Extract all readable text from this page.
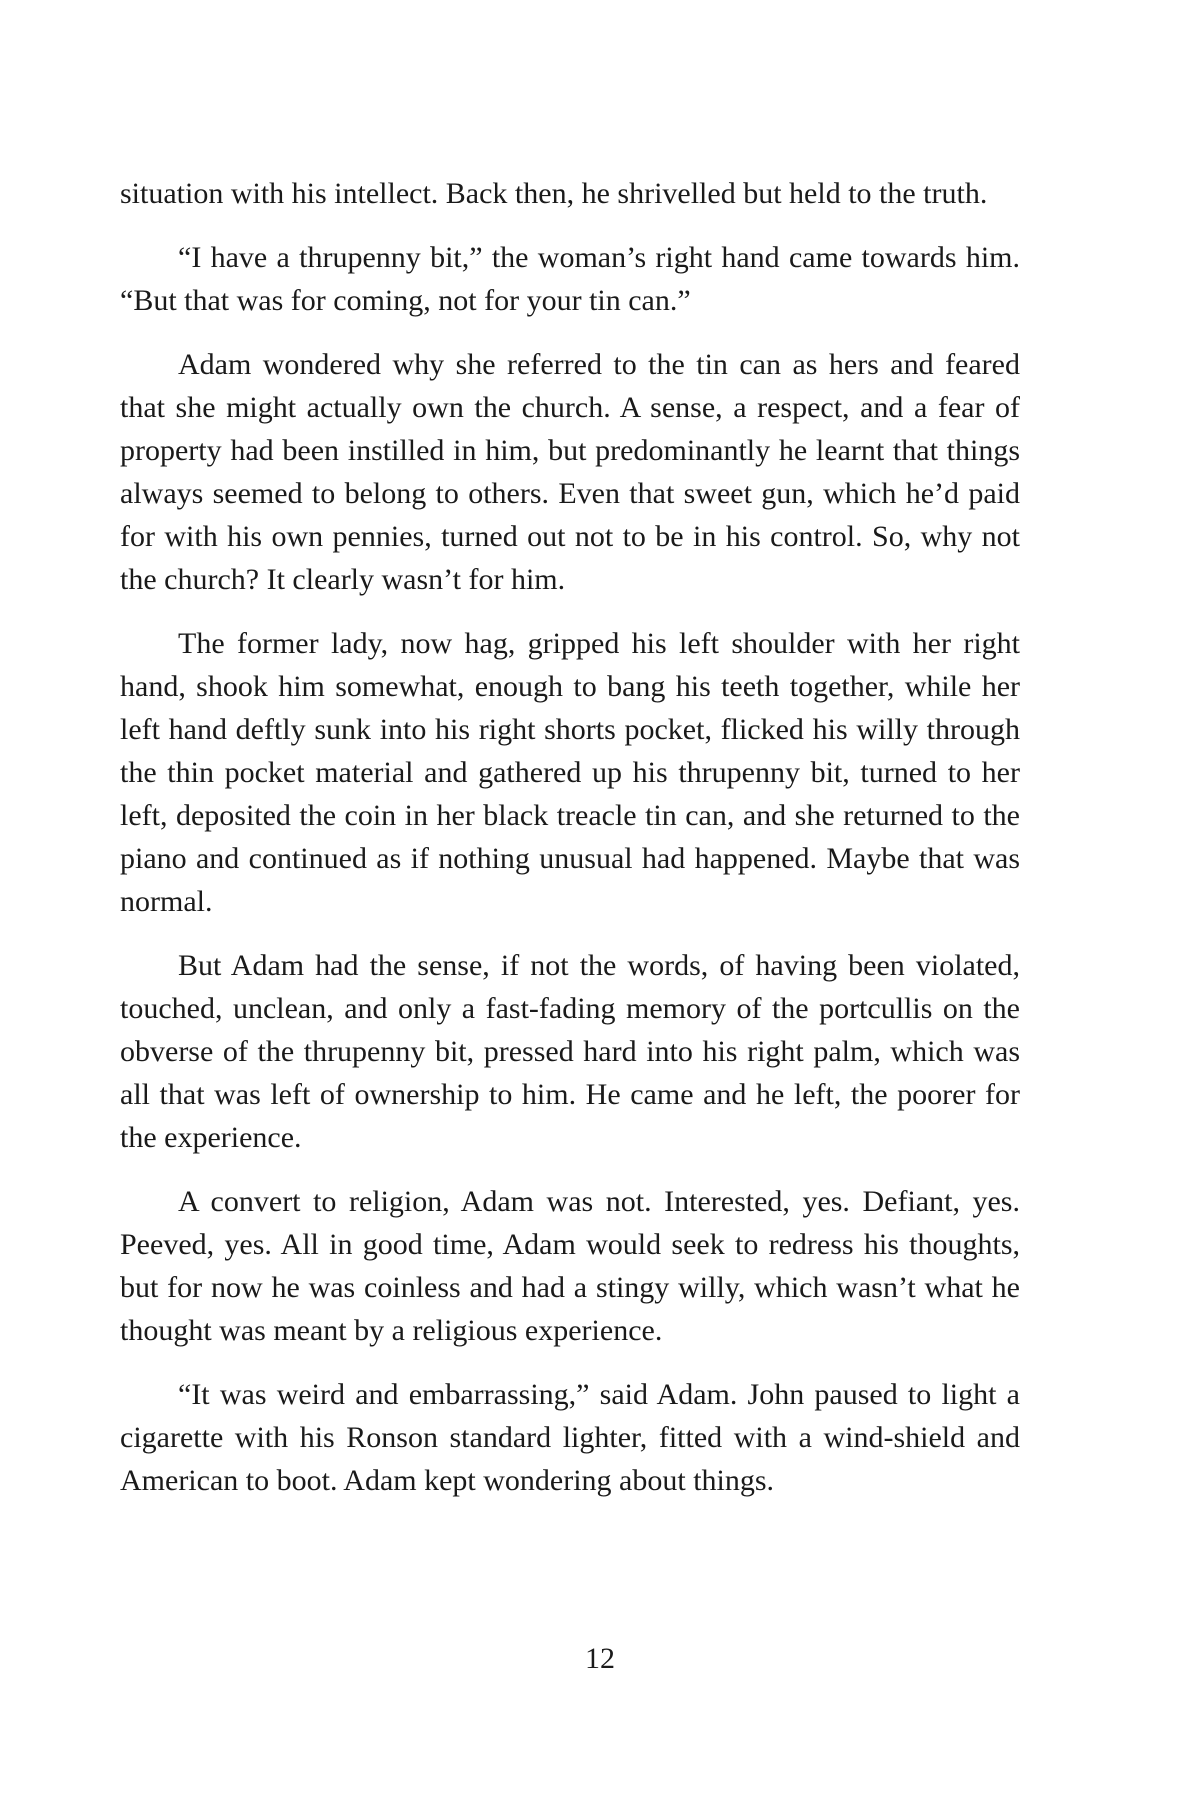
situation with his intellect. Back then, he shrivelled but held to the truth.

“I have a thrupenny bit,” the woman’s right hand came towards him. “But that was for coming, not for your tin can.”

Adam wondered why she referred to the tin can as hers and feared that she might actually own the church. A sense, a respect, and a fear of property had been instilled in him, but predominantly he learnt that things always seemed to belong to others. Even that sweet gun, which he’d paid for with his own pennies, turned out not to be in his control. So, why not the church? It clearly wasn’t for him.

The former lady, now hag, gripped his left shoulder with her right hand, shook him somewhat, enough to bang his teeth together, while her left hand deftly sunk into his right shorts pocket, flicked his willy through the thin pocket material and gathered up his thrupenny bit, turned to her left, deposited the coin in her black treacle tin can, and she returned to the piano and continued as if nothing unusual had happened. Maybe that was normal.

But Adam had the sense, if not the words, of having been violated, touched, unclean, and only a fast-fading memory of the portcullis on the obverse of the thrupenny bit, pressed hard into his right palm, which was all that was left of ownership to him. He came and he left, the poorer for the experience.

A convert to religion, Adam was not. Interested, yes. Defiant, yes. Peeved, yes. All in good time, Adam would seek to redress his thoughts, but for now he was coinless and had a stingy willy, which wasn’t what he thought was meant by a religious experience.

“It was weird and embarrassing,” said Adam. John paused to light a cigarette with his Ronson standard lighter, fitted with a wind-shield and American to boot. Adam kept wondering about things.

12
